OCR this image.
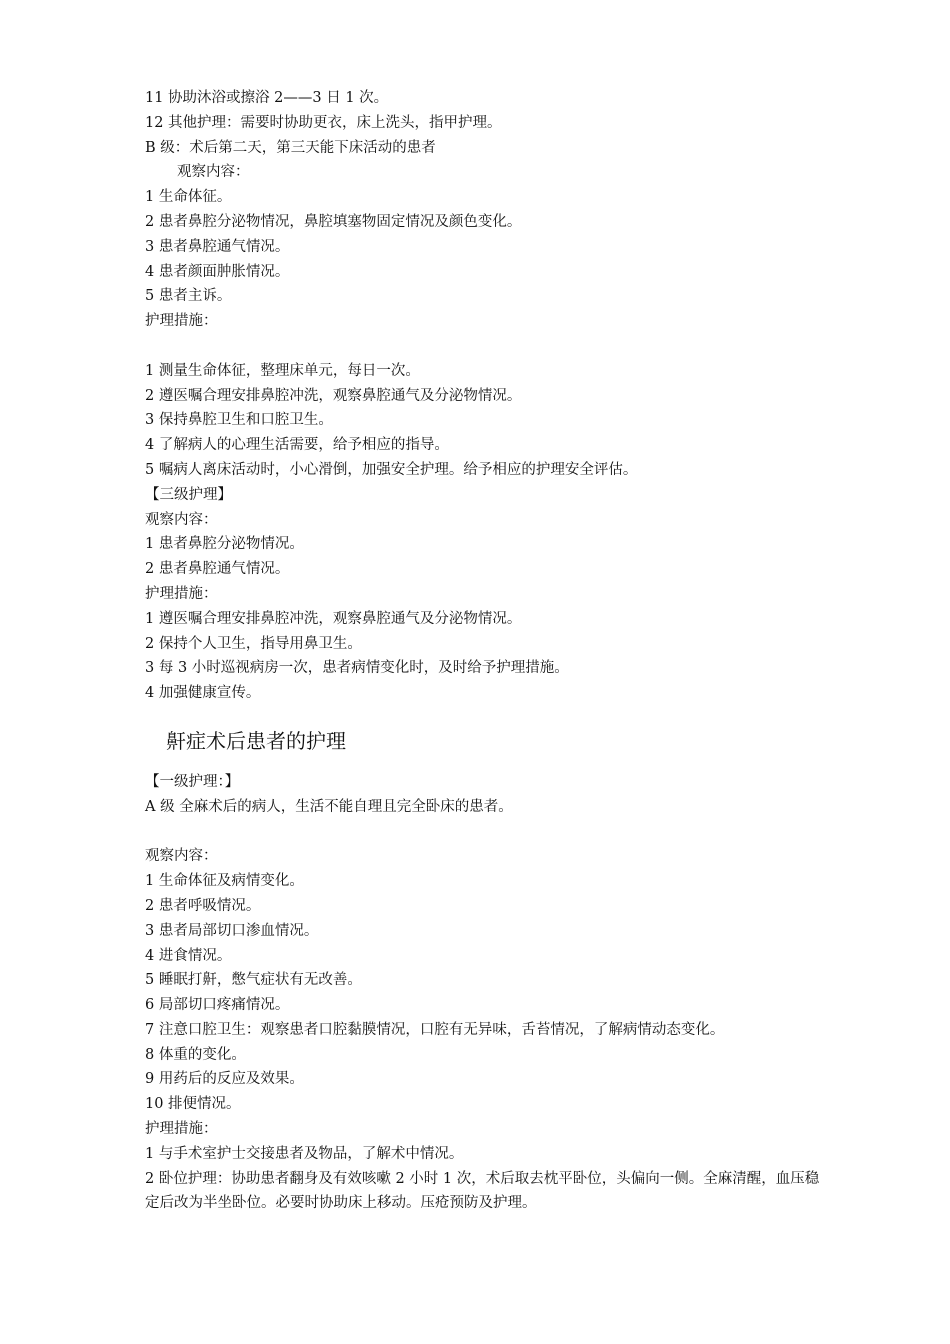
11 协助沐浴或擦浴 2——3 日 1 次。
12 其他护理：需要时协助更衣，床上洗头，指甲护理。
B 级：术后第二天，第三天能下床活动的患者
观察内容：
1 生命体征。
2 患者鼻腔分泌物情况，鼻腔填塞物固定情况及颜色变化。
3 患者鼻腔通气情况。
4 患者颜面肿胀情况。
5 患者主诉。
护理措施：
1 测量生命体征，整理床单元，每日一次。
2 遵医嘱合理安排鼻腔冲洗，观察鼻腔通气及分泌物情况。
3 保持鼻腔卫生和口腔卫生。
4 了解病人的心理生活需要，给予相应的指导。
5 嘱病人离床活动时，小心滑倒，加强安全护理。给予相应的护理安全评估。
【三级护理】
观察内容：
1 患者鼻腔分泌物情况。
2 患者鼻腔通气情况。
护理措施：
1 遵医嘱合理安排鼻腔冲洗，观察鼻腔通气及分泌物情况。
2 保持个人卫生，指导用鼻卫生。
3 每 3 小时巡视病房一次，患者病情变化时，及时给予护理措施。
4 加强健康宣传。
鼾症术后患者的护理
【一级护理：】
A 级 全麻术后的病人，生活不能自理且完全卧床的患者。
观察内容：
1 生命体征及病情变化。
2 患者呼吸情况。
3 患者局部切口渗血情况。
4 进食情况。
5 睡眠打鼾，憋气症状有无改善。
6 局部切口疼痛情况。
7 注意口腔卫生：观察患者口腔黏膜情况，口腔有无异味，舌苔情况，了解病情动态变化。
8 体重的变化。
9 用药后的反应及效果。
10 排便情况。
护理措施：
1 与手术室护士交接患者及物品，了解术中情况。
2 卧位护理：协助患者翻身及有效咳嗽 2 小时 1 次，术后取去枕平卧位，头偏向一侧。全麻清醒，血压稳定后改为半坐卧位。必要时协助床上移动。压疮预防及护理。
